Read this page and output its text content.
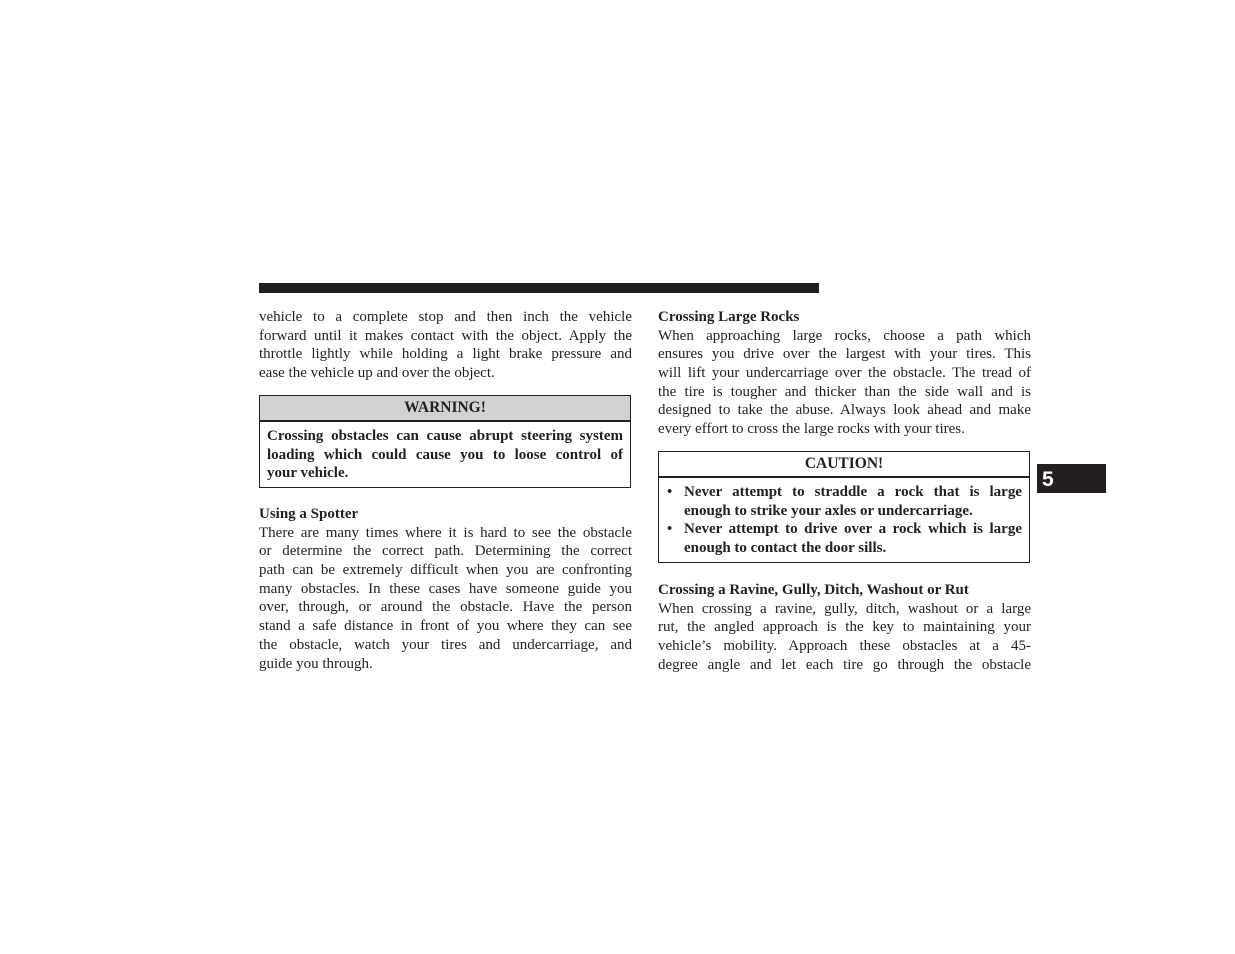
vehicle to a complete stop and then inch the vehicle
forward until it makes contact with the object. Apply the
throttle lightly while holding a light brake pressure and
ease the vehicle up and over the object.
WARNING!
Crossing obstacles can cause abrupt steering system
loading which could cause you to loose control of
your vehicle.
Using a Spotter
There are many times where it is hard to see the obstacle
or determine the correct path. Determining the correct
path can be extremely difficult when you are confronting
many obstacles. In these cases have someone guide you
over, through, or around the obstacle. Have the person
stand a safe distance in front of you where they can see
the obstacle, watch your tires and undercarriage, and
guide you through.
Crossing Large Rocks
When approaching large rocks, choose a path which
ensures you drive over the largest with your tires. This
will lift your undercarriage over the obstacle. The tread of
the tire is tougher and thicker than the side wall and is
designed to take the abuse. Always look ahead and make
every effort to cross the large rocks with your tires.
CAUTION!
• Never attempt to straddle a rock that is large
enough to strike your axles or undercarriage.
• Never attempt to drive over a rock which is large
enough to contact the door sills.
Crossing a Ravine, Gully, Ditch, Washout or Rut
When crossing a ravine, gully, ditch, washout or a large
rut, the angled approach is the key to maintaining your
vehicle’s mobility. Approach these obstacles at a 45-
degree angle and let each tire go through the obstacle
5
